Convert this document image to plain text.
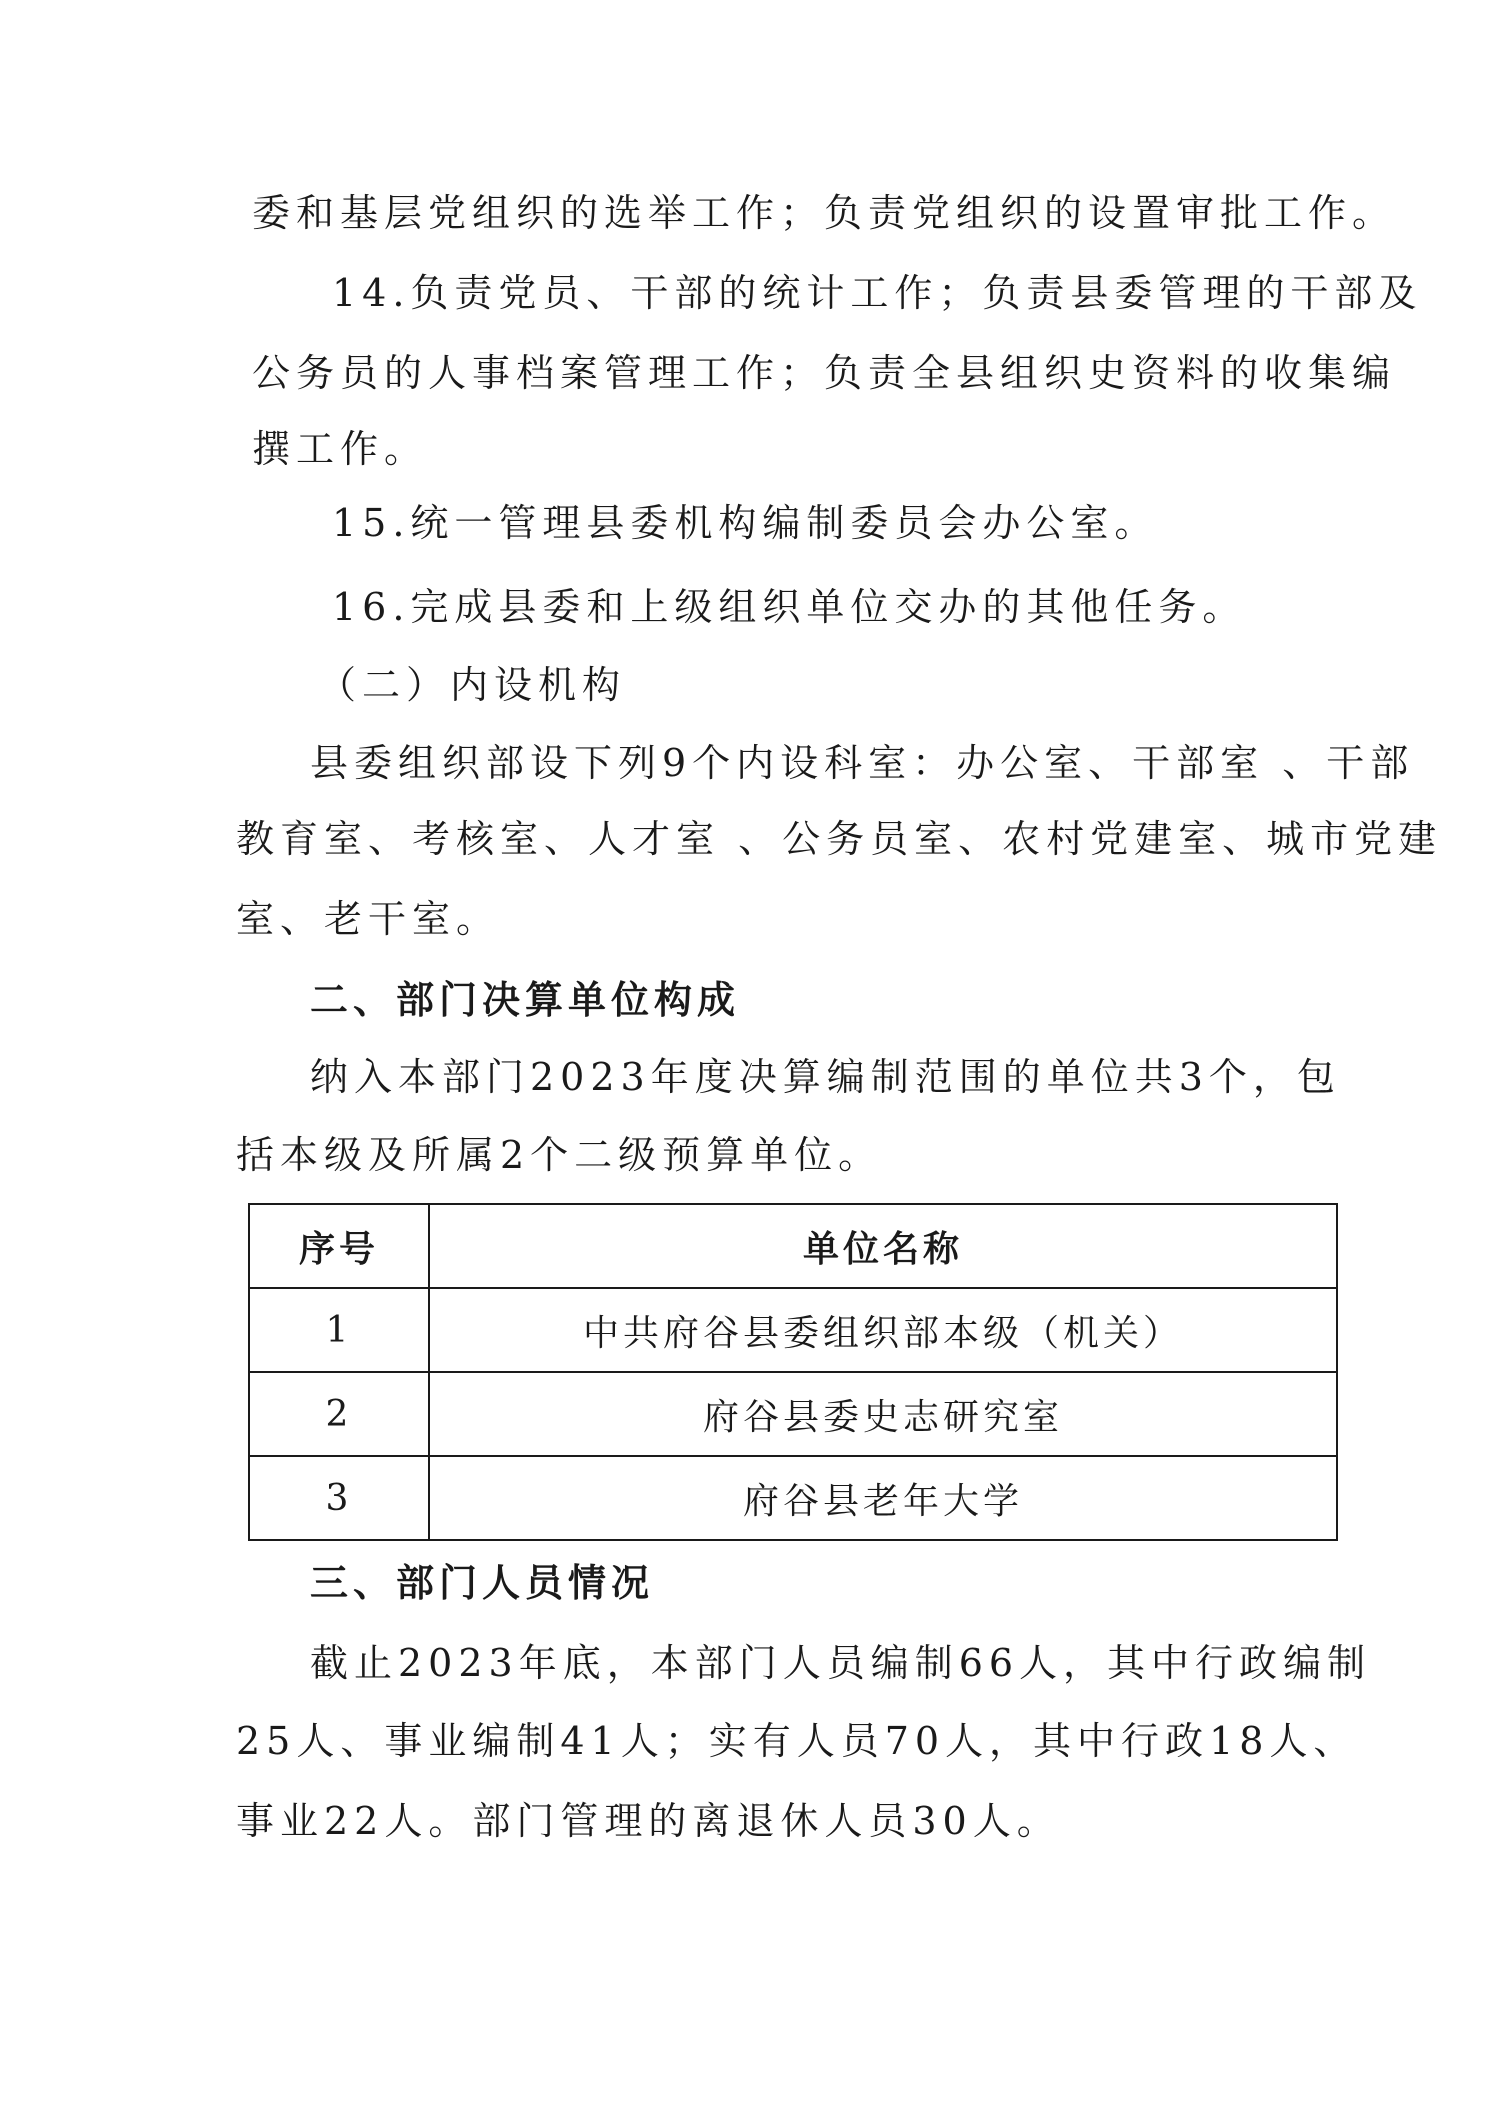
委和基层党组织的选举工作；负责党组织的设置审批工作。
14.负责党员、干部的统计工作；负责县委管理的干部及
公务员的人事档案管理工作；负责全县组织史资料的收集编
撰工作。
15.统一管理县委机构编制委员会办公室。
16.完成县委和上级组织单位交办的其他任务。
（二）内设机构
县委组织部设下列9个内设科室：办公室、干部室 、干部
教育室、考核室、人才室 、公务员室、农村党建室、城市党建
室、老干室。
二、部门决算单位构成
纳入本部门2023年度决算编制范围的单位共3个，包
括本级及所属2个二级预算单位。
序号	单位名称
1	中共府谷县委组织部本级（机关）
2	府谷县委史志研究室
3	府谷县老年大学
三、部门人员情况
截止2023年底，本部门人员编制66人，其中行政编制
25人、事业编制41人；实有人员70人，其中行政18人、
事业22人。部门管理的离退休人员30人。
